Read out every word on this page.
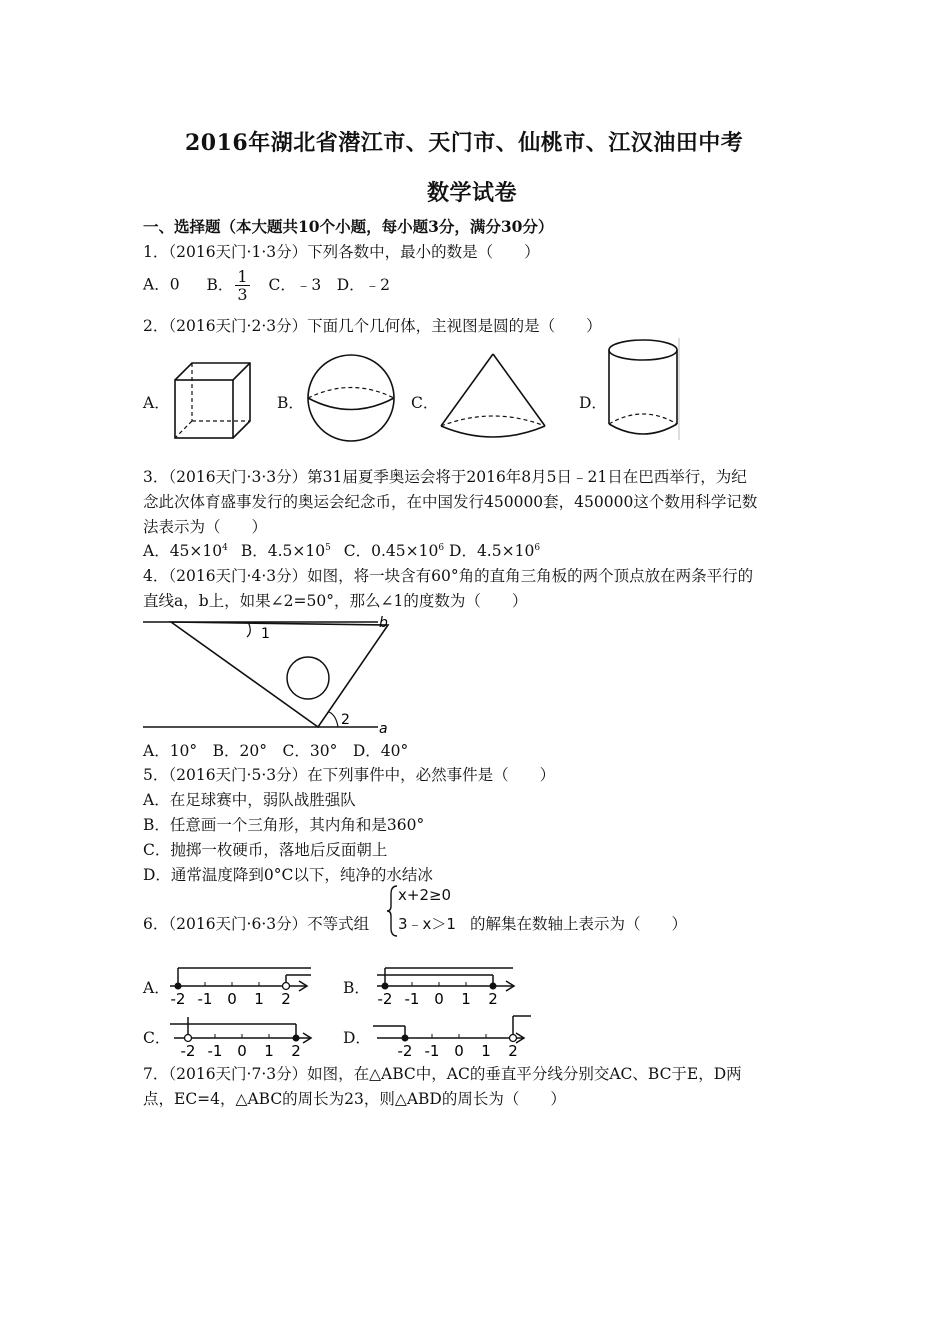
2016年湖北省潜江市、天门市、仙桃市、江汉油田中考
数学试卷
一、选择题（本大题共10个小题，每小题3分，满分30分）
1．（2016天门·1·3分）下列各数中，最小的数是（　　）
A．0 B． $\frac{1}{3}$ C．﹣3　D．﹣2
2．（2016天门·2·3分）下面几个几何体，主视图是圆的是（　　）
A．	B．	C．	D．
3．（2016天门·3·3分）第31届夏季奥运会将于2016年8月5日﹣21日在巴西举行，为纪
念此次体育盛事发行的奥运会纪念币，在中国发行450000套，450000这个数用科学记数
法表示为（　　）
A．$45\times 10^4$ B．$4.5\times 10^5$ C．$0.45\times 10^6$ D．$4.5\times 10^6$
4．（2016天门·4·3分）如图，将一块含有60°角的直角三角板的两个顶点放在两条平行的
直线a，b上，如果∠2=50°，那么∠1的度数为（　　）
b
a
1
2
A．10°　B．20°　C．30°　D．40°
5．（2016天门·5·3分）在下列事件中，必然事件是（　　）
A．在足球赛中，弱队战胜强队
B．任意画一个三角形，其内角和是360°
C．抛掷一枚硬币，落地后反面朝上
D．通常温度降到0°C以下，纯净的水结冰
6．（2016天门·6·3分）不等式组
x+2≥0
3﹣x＞1 的解集在数轴上表示为（　　）
A．	B．
C．	D．
-2 -1 0 1 2	-2 -1 0 1 2
-2 -1 0 1 2	-2 -1 0 1 2
7．（2016天门·7·3分）如图，在△ABC中，AC的垂直平分线分别交AC、BC于E，D两
点，EC=4，△ABC的周长为23，则△ABD的周长为（　　）
